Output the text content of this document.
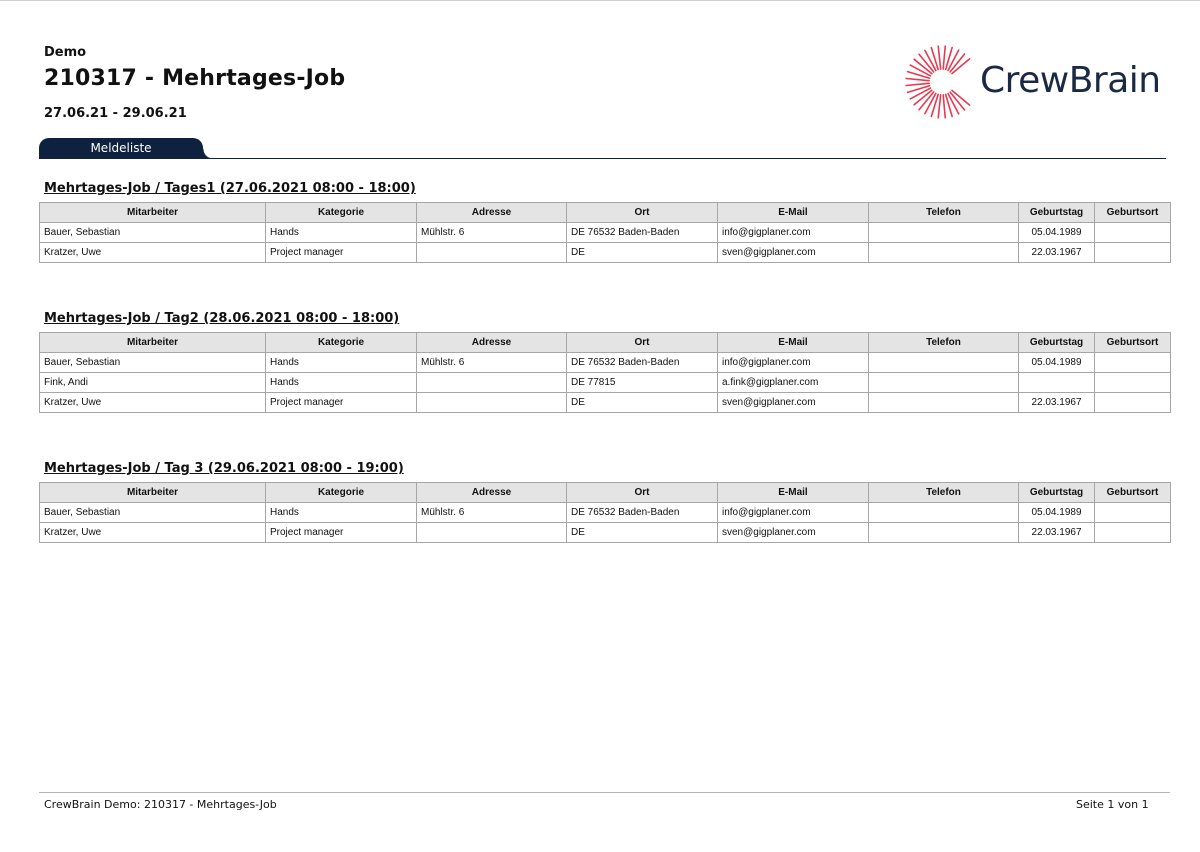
Demo
210317 - Mehrtages-Job
27.06.21 - 29.06.21
CrewBrain
Meldeliste
Mehrtages-Job / Tages1 (27.06.2021 08:00 - 18:00)
Mitarbeiter	Kategorie	Adresse	Ort	E-Mail	Telefon	Geburtstag	Geburtsort
Bauer, Sebastian	Hands	Mühlstr. 6	DE 76532 Baden-Baden	info@gigplaner.com		05.04.1989	
Kratzer, Uwe	Project manager		DE	sven@gigplaner.com		22.03.1967	
Mehrtages-Job / Tag2 (28.06.2021 08:00 - 18:00)
Mitarbeiter	Kategorie	Adresse	Ort	E-Mail	Telefon	Geburtstag	Geburtsort
Bauer, Sebastian	Hands	Mühlstr. 6	DE 76532 Baden-Baden	info@gigplaner.com		05.04.1989	
Fink, Andi	Hands		DE 77815	a.fink@gigplaner.com			
Kratzer, Uwe	Project manager		DE	sven@gigplaner.com		22.03.1967	
Mehrtages-Job / Tag 3 (29.06.2021 08:00 - 19:00)
Mitarbeiter	Kategorie	Adresse	Ort	E-Mail	Telefon	Geburtstag	Geburtsort
Bauer, Sebastian	Hands	Mühlstr. 6	DE 76532 Baden-Baden	info@gigplaner.com		05.04.1989	
Kratzer, Uwe	Project manager		DE	sven@gigplaner.com		22.03.1967	
CrewBrain Demo: 210317 - Mehrtages-Job	Seite 1 von 1
